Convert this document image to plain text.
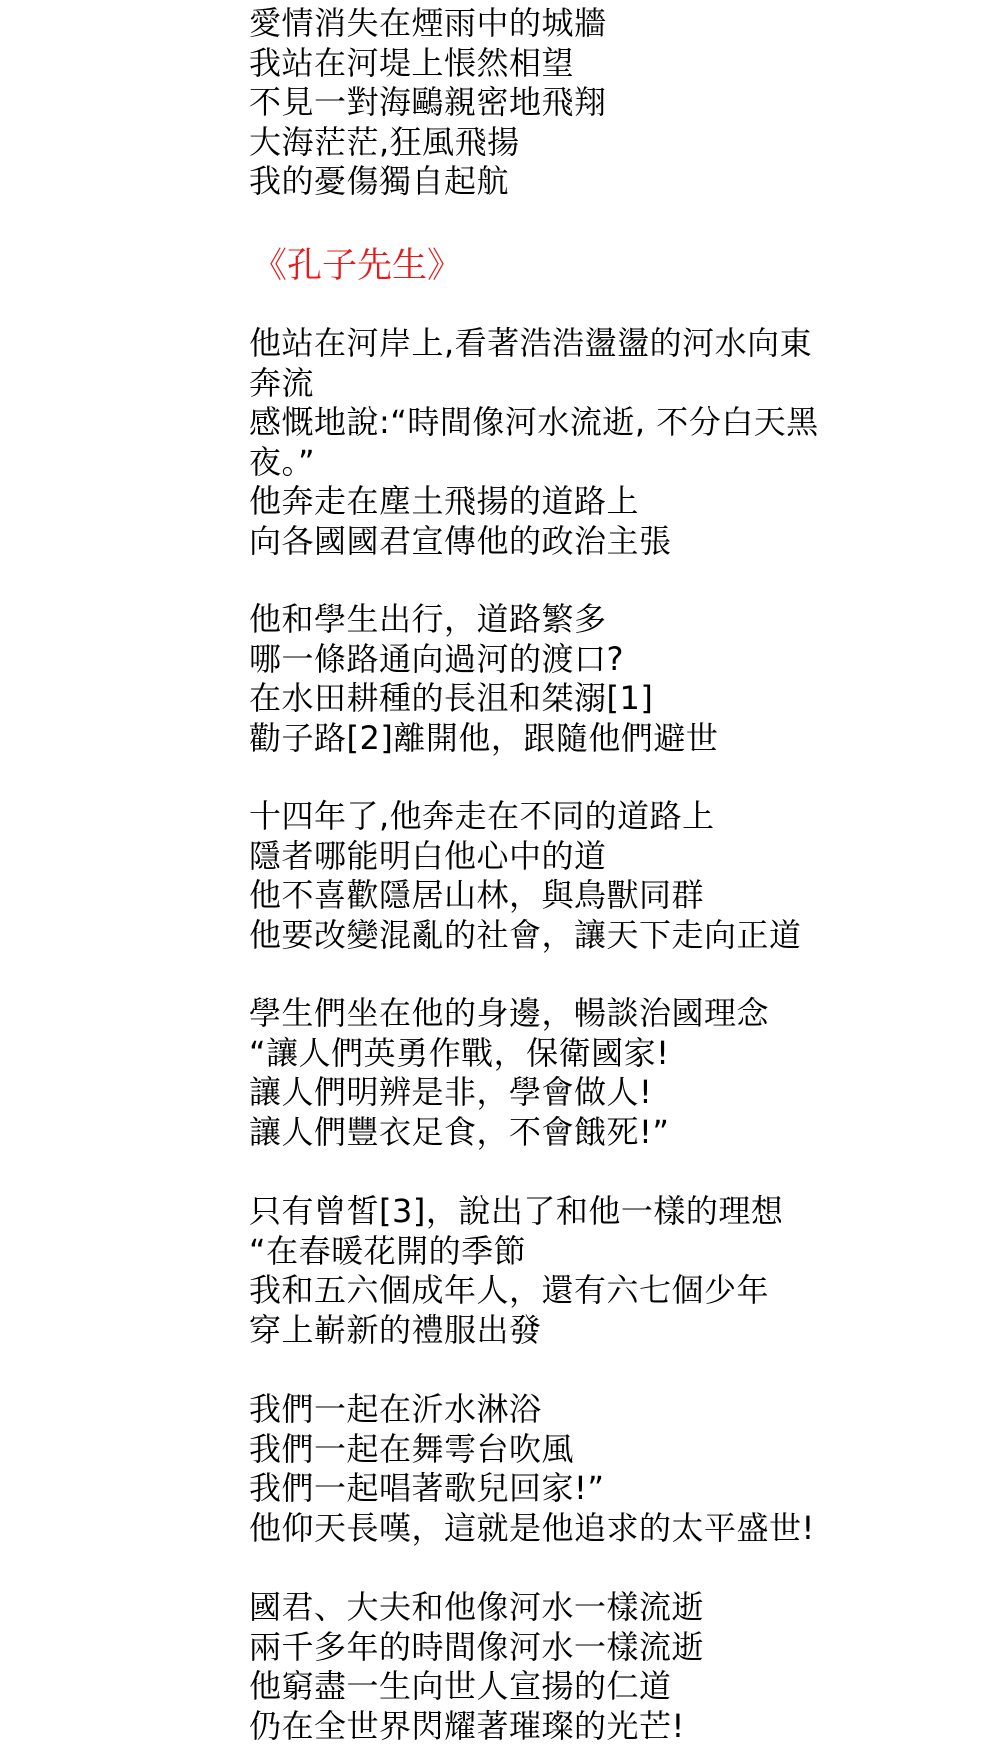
愛情消失在煙雨中的城牆
我站在河堤上悵然相望
不見一對海鷗親密地飛翔
大海茫茫,狂風飛揚
我的憂傷獨自起航
《孔子先生》
他站在河岸上,看著浩浩盪盪的河水向東
奔流
感慨地說:“時間像河水流逝, 不分白天黑
夜。”
他奔走在塵土飛揚的道路上
向各國國君宣傳他的政治主張
他和學生出行，道路繁多
哪一條路通向過河的渡口?
在水田耕種的長沮和桀溺[1]
勸子路[2]離開他，跟隨他們避世
十四年了,他奔走在不同的道路上
隱者哪能明白他心中的道
他不喜歡隱居山林，與鳥獸同群
他要改變混亂的社會，讓天下走向正道
學生們坐在他的身邊，暢談治國理念
“讓人們英勇作戰，保衛國家!
讓人們明辨是非，學會做人!
讓人們豐衣足食，不會餓死!”
只有曾皙[3]，說出了和他一樣的理想
“在春暖花開的季節
我和五六個成年人，還有六七個少年
穿上嶄新的禮服出發
我們一起在沂水淋浴
我們一起在舞雩台吹風
我們一起唱著歌兒回家!”
他仰天長嘆，這就是他追求的太平盛世!
國君、大夫和他像河水一樣流逝
兩千多年的時間像河水一樣流逝
他窮盡一生向世人宣揚的仁道
仍在全世界閃耀著璀璨的光芒!
